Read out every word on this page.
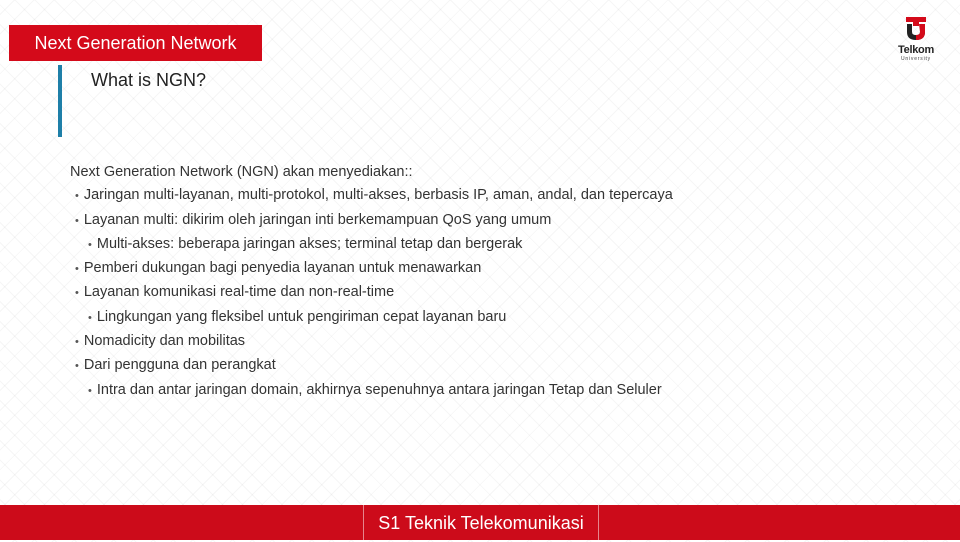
Next Generation Network
What is NGN?
Telkom
University
Next Generation Network (NGN) akan menyediakan::
• Jaringan multi-layanan, multi-protokol, multi-akses, berbasis IP, aman, andal, dan tepercaya
• Layanan multi: dikirim oleh jaringan inti berkemampuan QoS yang umum
• Multi-akses: beberapa jaringan akses; terminal tetap dan bergerak
• Pemberi dukungan bagi penyedia layanan untuk menawarkan
• Layanan komunikasi real-time dan non-real-time
• Lingkungan yang fleksibel untuk pengiriman cepat layanan baru
• Nomadicity dan mobilitas
• Dari pengguna dan perangkat
• Intra dan antar jaringan domain, akhirnya sepenuhnya antara jaringan Tetap dan Seluler
S1 Teknik Telekomunikasi
